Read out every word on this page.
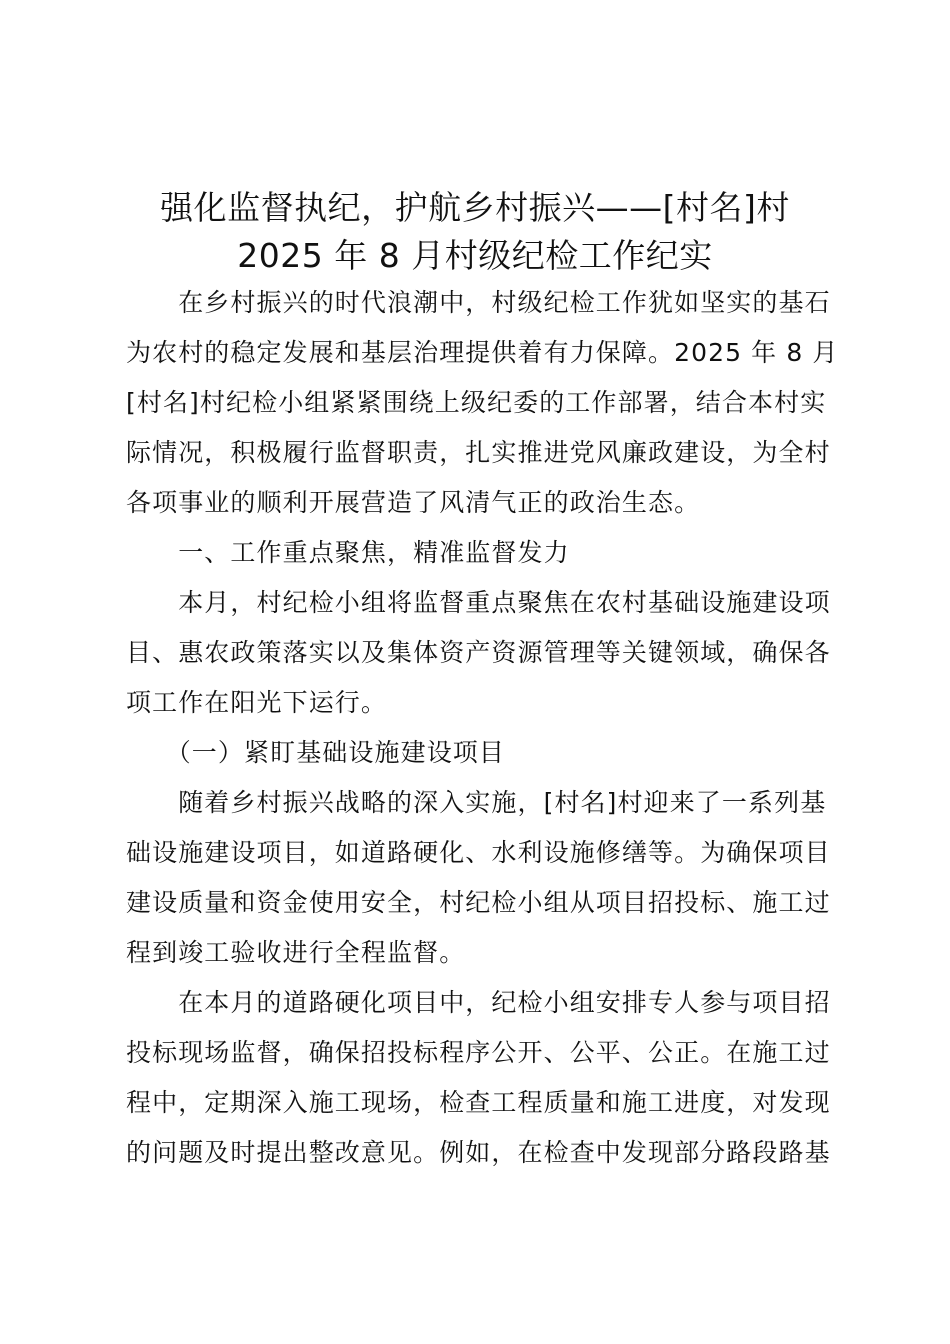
强化监督执纪，护航乡村振兴——[村名]村
2025 年 8 月村级纪检工作纪实
　　在乡村振兴的时代浪潮中，村级纪检工作犹如坚实的基石
为农村的稳定发展和基层治理提供着有力保障。2025 年 8 月
[村名]村纪检小组紧紧围绕上级纪委的工作部署，结合本村实
际情况，积极履行监督职责，扎实推进党风廉政建设，为全村
各项事业的顺利开展营造了风清气正的政治生态。
　　一、工作重点聚焦，精准监督发力
　　本月，村纪检小组将监督重点聚焦在农村基础设施建设项
目、惠农政策落实以及集体资产资源管理等关键领域，确保各
项工作在阳光下运行。
　　（一）紧盯基础设施建设项目
　　随着乡村振兴战略的深入实施，[村名]村迎来了一系列基
础设施建设项目，如道路硬化、水利设施修缮等。为确保项目
建设质量和资金使用安全，村纪检小组从项目招投标、施工过
程到竣工验收进行全程监督。
　　在本月的道路硬化项目中，纪检小组安排专人参与项目招
投标现场监督，确保招投标程序公开、公平、公正。在施工过
程中，定期深入施工现场，检查工程质量和施工进度，对发现
的问题及时提出整改意见。例如，在检查中发现部分路段路基
